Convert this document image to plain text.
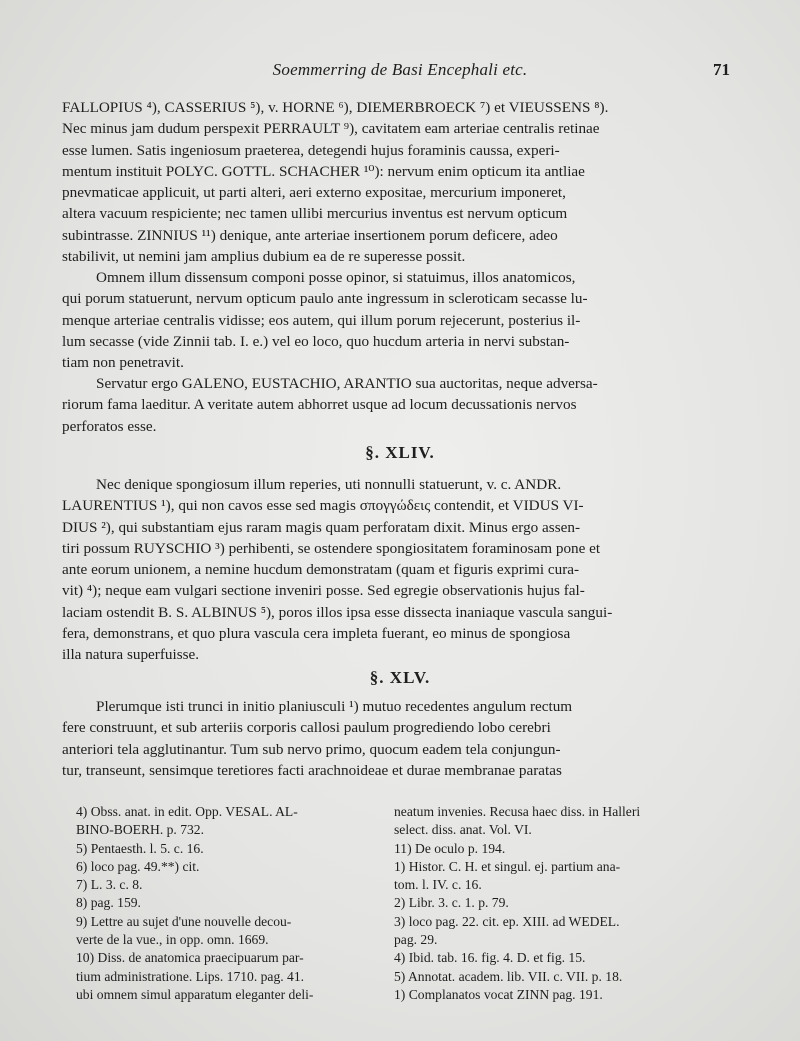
Soemmerring de Basi Encephali etc.	71

FALLOPIUS ⁴), CASSERIUS ⁵), v. HORNE ⁶), DIEMERBROECK ⁷) et VIEUSSENS ⁸).
Nec minus jam dudum perspexit PERRAULT ⁹), cavitatem eam arteriae centralis retinae
esse lumen. Satis ingeniosum praeterea, detegendi hujus foraminis caussa, experi-
mentum instituit POLYC. GOTTL. SCHACHER ¹⁰): nervum enim opticum ita antliae
pnevmaticae applicuit, ut parti alteri, aeri externo expositae, mercurium imponeret,
altera vacuum respiciente; nec tamen ullibi mercurius inventus est nervum opticum
subintrasse. ZINNIUS ¹¹) denique, ante arteriae insertionem porum deficere, adeo
stabilivit, ut nemini jam amplius dubium ea de re superesse possit.

Omnem illum dissensum componi posse opinor, si statuimus, illos anatomicos,
qui porum statuerunt, nervum opticum paulo ante ingressum in scleroticam secasse lu-
menque arteriae centralis vidisse; eos autem, qui illum porum rejecerunt, posterius il-
lum secasse (vide Zinnii tab. I. e.) vel eo loco, quo hucdum arteria in nervi substan-
tiam non penetravit.

Servatur ergo GALENO, EUSTACHIO, ARANTIO sua auctoritas, neque adversa-
riorum fama laeditur. A veritate autem abhorret usque ad locum decussationis nervos
perforatos esse.

§. XLIV.

Nec denique spongiosum illum reperies, uti nonnulli statuerunt, v. c. ANDR.
LAURENTIUS ¹), qui non cavos esse sed magis σπογγώδεις contendit, et VIDUS VI-
DIUS ²), qui substantiam ejus raram magis quam perforatam dixit. Minus ergo assen-
tiri possum RUYSCHIO ³) perhibenti, se ostendere spongiositatem foraminosam pone et
ante eorum unionem, a nemine hucdum demonstratam (quam et figuris exprimi cura-
vit) ⁴); neque eam vulgari sectione inveniri posse. Sed egregie observationis hujus fal-
laciam ostendit B. S. ALBINUS ⁵), poros illos ipsa esse dissecta inaniaque vascula sangui-
fera, demonstrans, et quo plura vascula cera impleta fuerant, eo minus de spongiosa
illa natura superfuisse.

§. XLV.

Plerumque isti trunci in initio planiusculi ¹) mutuo recedentes angulum rectum
fere construunt, et sub arteriis corporis callosi paulum progrediendo lobo cerebri
anteriori tela agglutinantur. Tum sub nervo primo, quocum eadem tela conjungun-
tur, transeunt, sensimque teretiores facti arachnoideae et durae membranae paratas

4) Obss. anat. in edit. Opp. VESAL. AL-
BINO-BOERH. p. 732.
5) Pentaesth. l. 5. c. 16.
6) loco pag. 49.**) cit.
7) L. 3. c. 8.
8) pag. 159.
9) Lettre au sujet d'une nouvelle decou-
verte de la vue., in opp. omn. 1669.
10) Diss. de anatomica praecipuarum par-
tium administratione. Lips. 1710. pag. 41.
ubi omnem simul apparatum eleganter deli-
neatum invenies. Recusa haec diss. in Halleri
select. diss. anat. Vol. VI.
11) De oculo p. 194.
1) Histor. C. H. et singul. ej. partium ana-
tom. l. IV. c. 16.
2) Libr. 3. c. 1. p. 79.
3) loco pag. 22. cit. ep. XIII. ad WEDEL.
pag. 29.
4) Ibid. tab. 16. fig. 4. D. et fig. 15.
5) Annotat. academ. lib. VII. c. VII. p. 18.
1) Complanatos vocat ZINN pag. 191.
